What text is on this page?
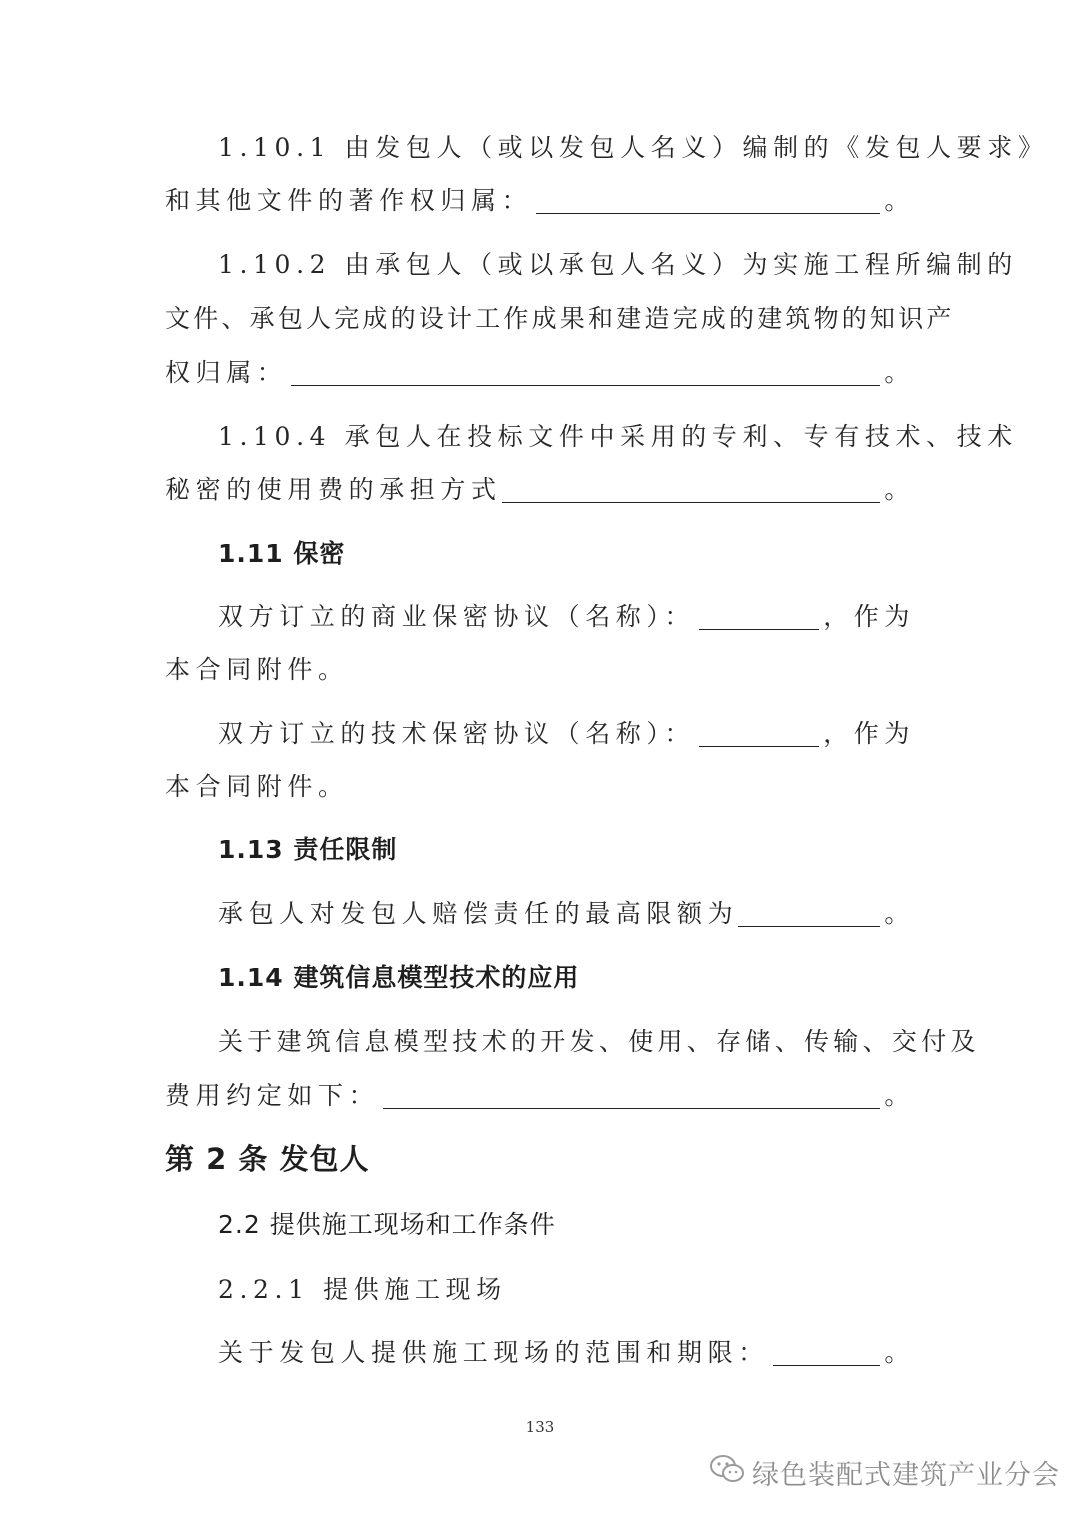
1.10.1 由发包人（或以发包人名义）编制的《发包人要求》
和其他文件的著作权归属：	。
1.10.2 由承包人（或以承包人名义）为实施工程所编制的
文件、承包人完成的设计工作成果和建造完成的建筑物的知识产
权归属：	。
1.10.4 承包人在投标文件中采用的专利、专有技术、技术
秘密的使用费的承担方式	。
1.11 保密
双方订立的商业保密协议（名称）：	，作为
本合同附件。
双方订立的技术保密协议（名称）：	，作为
本合同附件。
1.13 责任限制
承包人对发包人赔偿责任的最高限额为	。
1.14 建筑信息模型技术的应用
关于建筑信息模型技术的开发、使用、存储、传输、交付及
费用约定如下：	。
第 2 条 发包人
2.2 提供施工现场和工作条件
2.2.1 提供施工现场
关于发包人提供施工现场的范围和期限：	。
133
绿色装配式建筑产业分会
